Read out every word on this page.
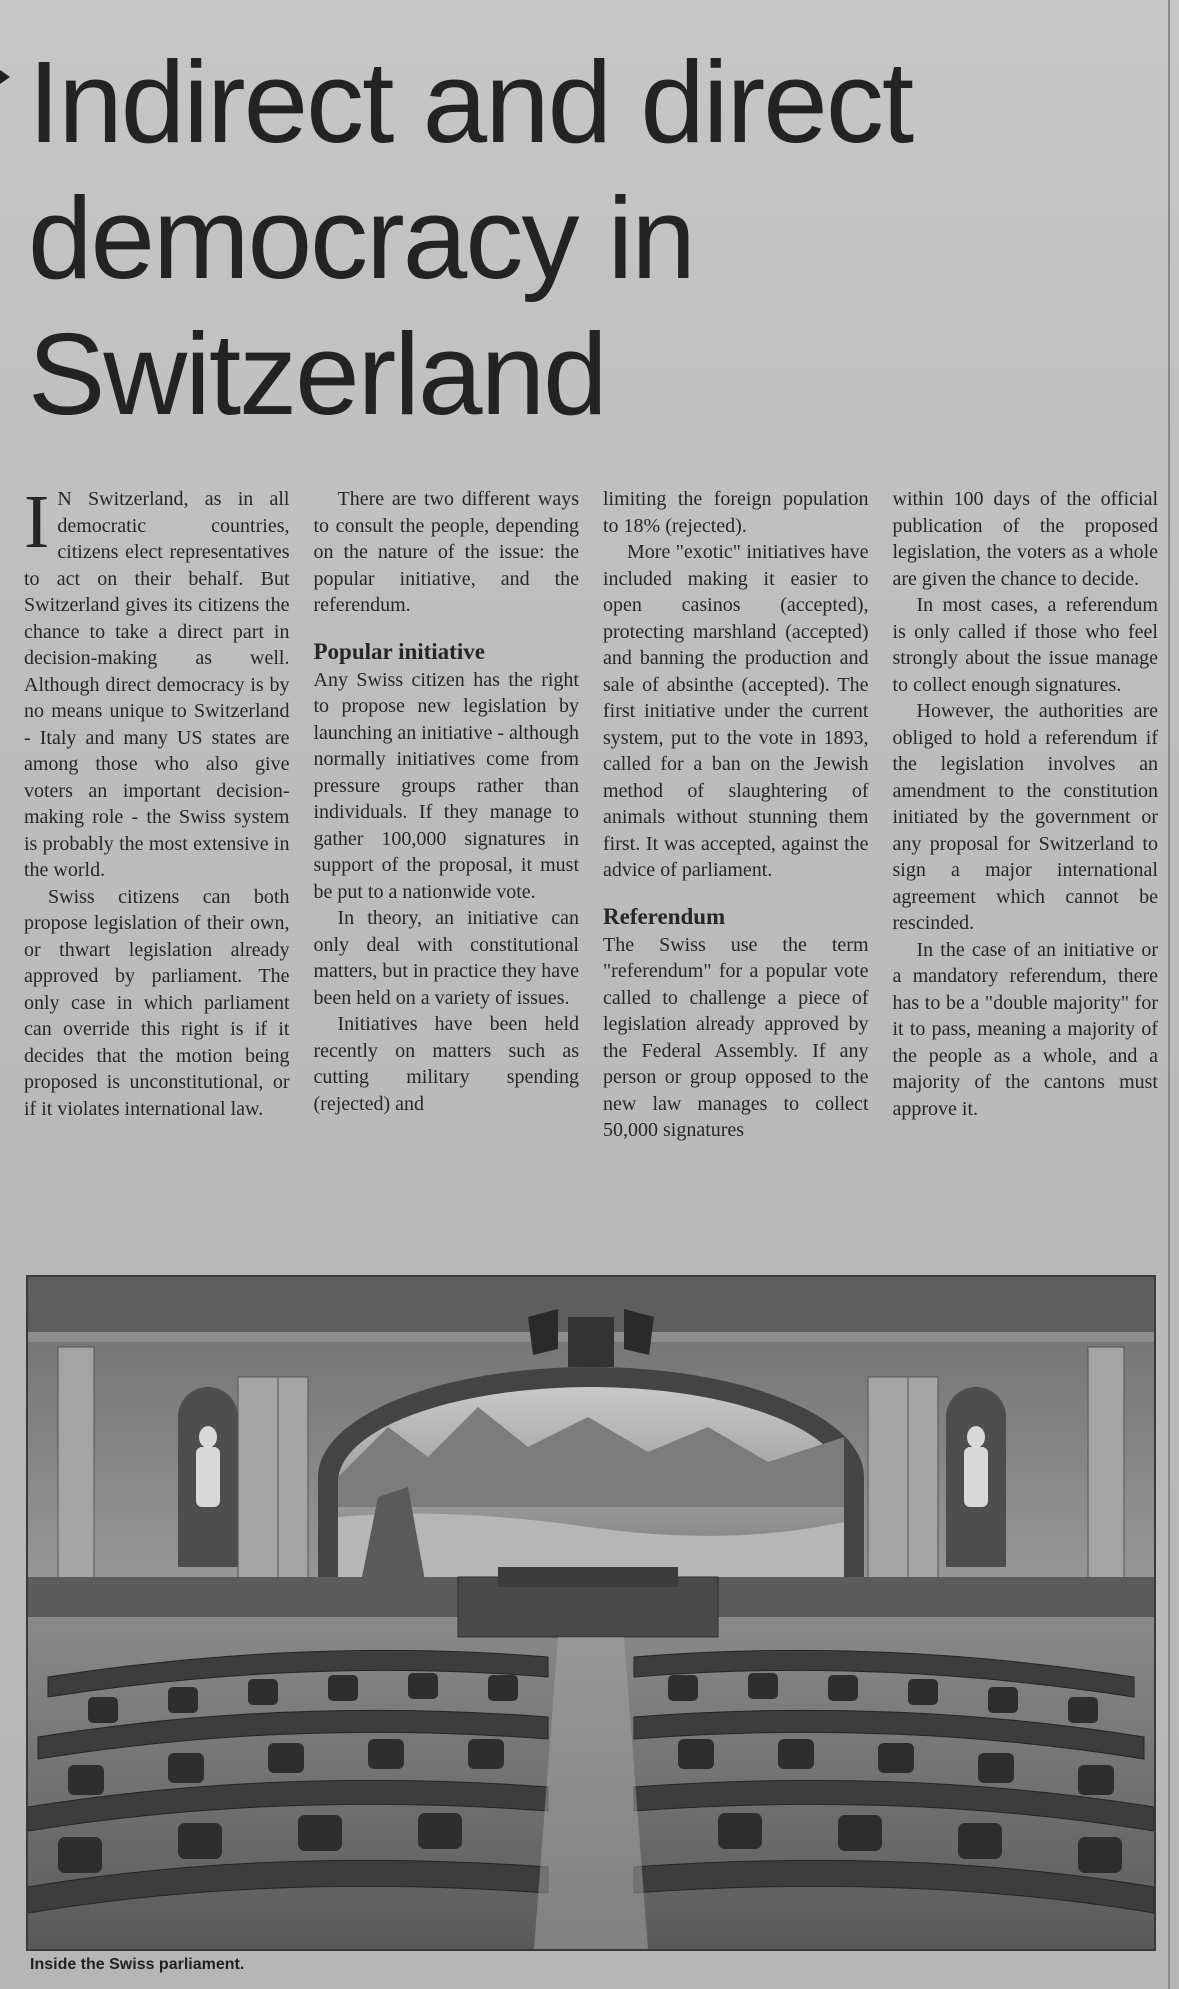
Indirect and direct democracy in Switzerland

I N Switzerland, as in all democratic countries, citizens elect representatives to act on their behalf. But Switzerland gives its citizens the chance to take a direct part in decision-making as well. Although direct democracy is by no means unique to Switzerland - Italy and many US states are among those who also give voters an important decision-making role - the Swiss system is probably the most extensive in the world.

Swiss citizens can both propose legislation of their own, or thwart legislation already approved by parliament. The only case in which parliament can override this right is if it decides that the motion being proposed is unconstitutional, or if it violates international law.

There are two different ways to consult the people, depending on the nature of the issue: the popular initiative, and the referendum.

Popular initiative

Any Swiss citizen has the right to propose new legislation by launching an initiative - although normally initiatives come from pressure groups rather than individuals. If they manage to gather 100,000 signatures in support of the proposal, it must be put to a nationwide vote.

In theory, an initiative can only deal with constitutional matters, but in practice they have been held on a variety of issues.

Initiatives have been held recently on matters such as cutting military spending (rejected) and

limiting the foreign population to 18% (rejected).

More "exotic" initiatives have included making it easier to open casinos (accepted), protecting marshland (accepted) and banning the production and sale of absinthe (accepted). The first initiative under the current system, put to the vote in 1893, called for a ban on the Jewish method of slaughtering of animals without stunning them first. It was accepted, against the advice of parliament.

Referendum

The Swiss use the term "referendum" for a popular vote called to challenge a piece of legislation already approved by the Federal Assembly. If any person or group opposed to the new law manages to collect 50,000 signatures

within 100 days of the official publication of the proposed legislation, the voters as a whole are given the chance to decide.

In most cases, a referendum is only called if those who feel strongly about the issue manage to collect enough signatures.

However, the authorities are obliged to hold a referendum if the legislation involves an amendment to the constitution initiated by the government or any proposal for Switzerland to sign a major international agreement which cannot be rescinded.

In the case of an initiative or a mandatory referendum, there has to be a "double majority" for it to pass, meaning a majority of the people as a whole, and a majority of the cantons must approve it.

Inside the Swiss parliament.
